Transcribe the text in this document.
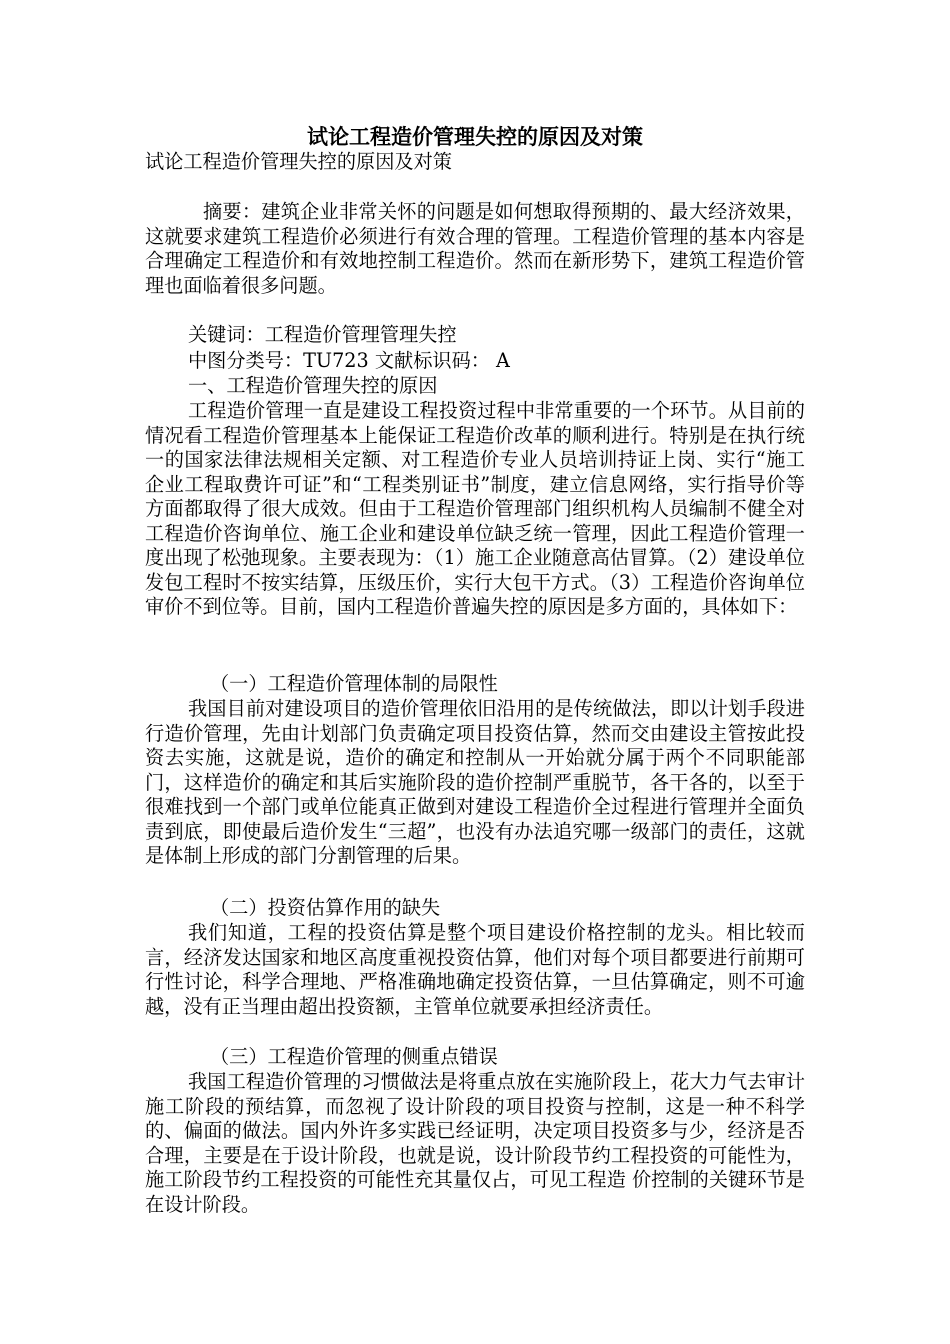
试论工程造价管理失控的原因及对策
试论工程造价管理失控的原因及对策
摘要：建筑企业非常关怀的问题是如何想取得预期的、最大经济效果，这就要求建筑工程造价必须进行有效合理的管理。工程造价管理的基本内容是合理确定工程造价和有效地控制工程造价。然而在新形势下，建筑工程造价管理也面临着很多问题。
关键词：工程造价管理管理失控
中图分类号：TU723 文献标识码： A
一、工程造价管理失控的原因
工程造价管理一直是建设工程投资过程中非常重要的一个环节。从目前的情况看工程造价管理基本上能保证工程造价改革的顺利进行。特别是在执行统一的国家法律法规相关定额、对工程造价专业人员培训持证上岗、实行“施工企业工程取费许可证”和“工程类别证书”制度，建立信息网络，实行指导价等方面都取得了很大成效。但由于工程造价管理部门组织机构人员编制不健全对工程造价咨询单位、施工企业和建设单位缺乏统一管理，因此工程造价管理一度出现了松弛现象。主要表现为：（1）施工企业随意高估冒算。（2）建设单位发包工程时不按实结算，压级压价，实行大包干方式。（3）工程造价咨询单位审价不到位等。目前，国内工程造价普遍失控的原因是多方面的，具体如下：
（一）工程造价管理体制的局限性
我国目前对建设项目的造价管理依旧沿用的是传统做法，即以计划手段进行造价管理，先由计划部门负责确定项目投资估算，然而交由建设主管按此投资去实施，这就是说，造价的确定和控制从一开始就分属于两个不同职能部门，这样造价的确定和其后实施阶段的造价控制严重脱节，各干各的，以至于很难找到一个部门或单位能真正做到对建设工程造价全过程进行管理并全面负责到底，即使最后造价发生“三超”，也没有办法追究哪一级部门的责任，这就是体制上形成的部门分割管理的后果。
（二）投资估算作用的缺失
我们知道，工程的投资估算是整个项目建设价格控制的龙头。相比较而言，经济发达国家和地区高度重视投资估算，他们对每个项目都要进行前期可行性讨论，科学合理地、严格准确地确定投资估算，一旦估算确定，则不可逾越，没有正当理由超出投资额，主管单位就要承担经济责任。
（三）工程造价管理的侧重点错误
我国工程造价管理的习惯做法是将重点放在实施阶段上，花大力气去审计施工阶段的预结算，而忽视了设计阶段的项目投资与控制，这是一种不科学的、偏面的做法。国内外许多实践已经证明，决定项目投资多与少，经济是否合理，主要是在于设计阶段，也就是说，设计阶段节约工程投资的可能性为，施工阶段节约工程投资的可能性充其量仅占，可见工程造 价控制的关键环节是在设计阶段。
